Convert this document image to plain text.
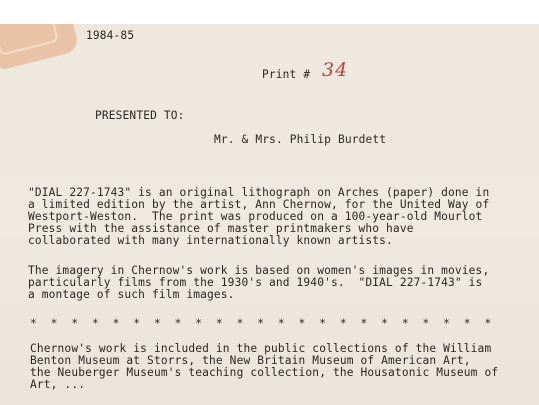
1984-85
Print # 34
PRESENTED TO:
Mr. & Mrs. Philip Burdett
"DIAL 227-1743" is an original lithograph on Arches (paper) done in
a limited edition by the artist, Ann Chernow, for the United Way of
Westport-Weston.  The print was produced on a 100-year-old Mourlot
Press with the assistance of master printmakers who have
collaborated with many internationally known artists.
The imagery in Chernow's work is based on women's images in movies,
particularly films from the 1930's and 1940's.  "DIAL 227-1743" is
a montage of such film images.
*  *  *  *  *  *  *  *  *  *  *  *  *  *  *  *  *  *  *  *  *  *  *
Chernow's work is included in the public collections of the William
Benton Museum at Storrs, the New Britain Museum of American Art,
the Neuberger Museum's teaching collection, the Housatonic Museum of
Art, ...
